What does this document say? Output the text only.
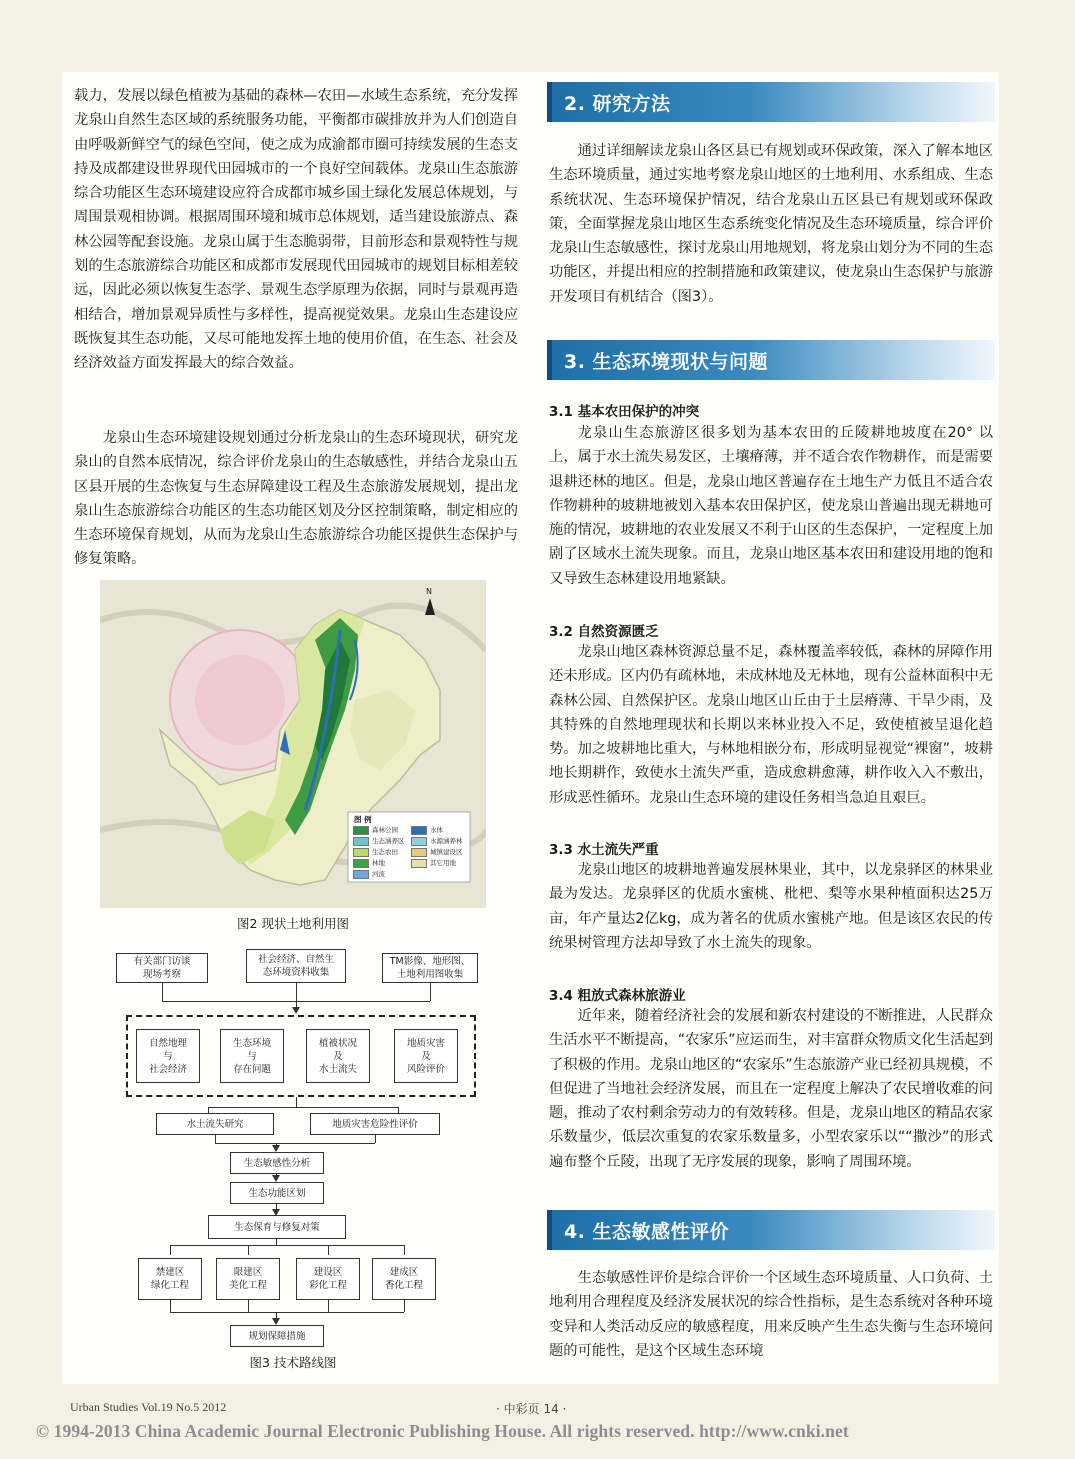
载力，发展以绿色植被为基础的森林—农田—水域生态系统，充分发挥龙泉山自然生态区域的系统服务功能，平衡都市碳排放并为人们创造自由呼吸新鲜空气的绿色空间，使之成为成渝都市圈可持续发展的生态支持及成都建设世界现代田园城市的一个良好空间载体。龙泉山生态旅游综合功能区生态环境建设应符合成都市城乡国土绿化发展总体规划，与周围景观相协调。根据周围环境和城市总体规划，适当建设旅游点、森林公园等配套设施。龙泉山属于生态脆弱带，目前形态和景观特性与规划的生态旅游综合功能区和成都市发展现代田园城市的规划目标相差较远，因此必须以恢复生态学、景观生态学原理为依据，同时与景观再造相结合，增加景观异质性与多样性，提高视觉效果。龙泉山生态建设应既恢复其生态功能，又尽可能地发挥土地的使用价值，在生态、社会及经济效益方面发挥最大的综合效益。

龙泉山生态环境建设规划通过分析龙泉山的生态环境现状，研究龙泉山的自然本底情况，综合评价龙泉山的生态敏感性，并结合龙泉山五区县开展的生态恢复与生态屏障建设工程及生态旅游发展规划，提出龙泉山生态旅游综合功能区的生态功能区划及分区控制策略，制定相应的生态环境保育规划，从而为龙泉山生态旅游综合功能区提供生态保护与修复策略。

N
图 例
森林公园	水体
生态涵养区	水源涵养林
生态农田	城镇建设区
林地	其它用地
河流
图2 现状土地利用图
有关部门访谈
现场考察
社会经济、自然生
态环境资料收集
TM影像、地形图、
土地利用图收集
自然地理
与
社会经济
生态环境
与
存在问题
植被状况
及
水土流失
地质灾害
及
风险评价
水土流失研究	地质灾害危险性评价
生态敏感性分析
生态功能区划
生态保育与修复对策
禁建区
绿化工程
限建区
美化工程
建设区
彩化工程
建成区
香化工程
规划保障措施
图3 技术路线图
2. 研究方法

通过详细解读龙泉山各区县已有规划或环保政策，深入了解本地区生态环境质量，通过实地考察龙泉山地区的土地利用、水系组成、生态系统状况、生态环境保护情况，结合龙泉山五区县已有规划或环保政策，全面掌握龙泉山地区生态系统变化情况及生态环境质量，综合评价龙泉山生态敏感性，探讨龙泉山用地规划，将龙泉山划分为不同的生态功能区，并提出相应的控制措施和政策建议，使龙泉山生态保护与旅游开发项目有机结合（图3）。

3. 生态环境现状与问题
3.1 基本农田保护的冲突

龙泉山生态旅游区很多划为基本农田的丘陵耕地坡度在20° 以上，属于水土流失易发区，土壤瘠薄，并不适合农作物耕作，而是需要退耕还林的地区。但是，龙泉山地区普遍存在土地生产力低且不适合农作物耕种的坡耕地被划入基本农田保护区，使龙泉山普遍出现无耕地可施的情况，坡耕地的农业发展又不利于山区的生态保护，一定程度上加剧了区域水土流失现象。而且，龙泉山地区基本农田和建设用地的饱和又导致生态林建设用地紧缺。

3.2 自然资源匮乏

龙泉山地区森林资源总量不足，森林覆盖率较低，森林的屏障作用还未形成。区内仍有疏林地，未成林地及无林地，现有公益林面积中无森林公园、自然保护区。龙泉山地区山丘由于土层瘠薄、干旱少雨，及其特殊的自然地理现状和长期以来林业投入不足，致使植被呈退化趋势。加之坡耕地比重大，与林地相嵌分布，形成明显视觉“裸窗”，坡耕地长期耕作，致使水土流失严重，造成愈耕愈薄，耕作收入入不敷出，形成恶性循环。龙泉山生态环境的建设任务相当急迫且艰巨。

3.3 水土流失严重

龙泉山地区的坡耕地普遍发展林果业，其中，以龙泉驿区的林果业最为发达。龙泉驿区的优质水蜜桃、枇杷、梨等水果种植面积达25万亩，年产量达2亿kg，成为著名的优质水蜜桃产地。但是该区农民的传统果树管理方法却导致了水土流失的现象。

3.4 粗放式森林旅游业

近年来，随着经济社会的发展和新农村建设的不断推进，人民群众生活水平不断提高，“农家乐”应运而生，对丰富群众物质文化生活起到了积极的作用。龙泉山地区的“农家乐”生态旅游产业已经初具规模，不但促进了当地社会经济发展，而且在一定程度上解决了农民增收难的问题，推动了农村剩余劳动力的有效转移。但是，龙泉山地区的精品农家乐数量少，低层次重复的农家乐数量多，小型农家乐以““撒沙”的形式遍布整个丘陵，出现了无序发展的现象，影响了周围环境。

4. 生态敏感性评价

生态敏感性评价是综合评价一个区域生态环境质量、人口负荷、土地利用合理程度及经济发展状况的综合性指标，是生态系统对各种环境变异和人类活动反应的敏感程度，用来反映产生生态失衡与生态环境问题的可能性，是这个区域生态环境

Urban Studies Vol.19 No.5 2012	· 中彩页 14 ·
© 1994-2013 China Academic Journal Electronic Publishing House. All rights reserved. http://www.cnki.net
